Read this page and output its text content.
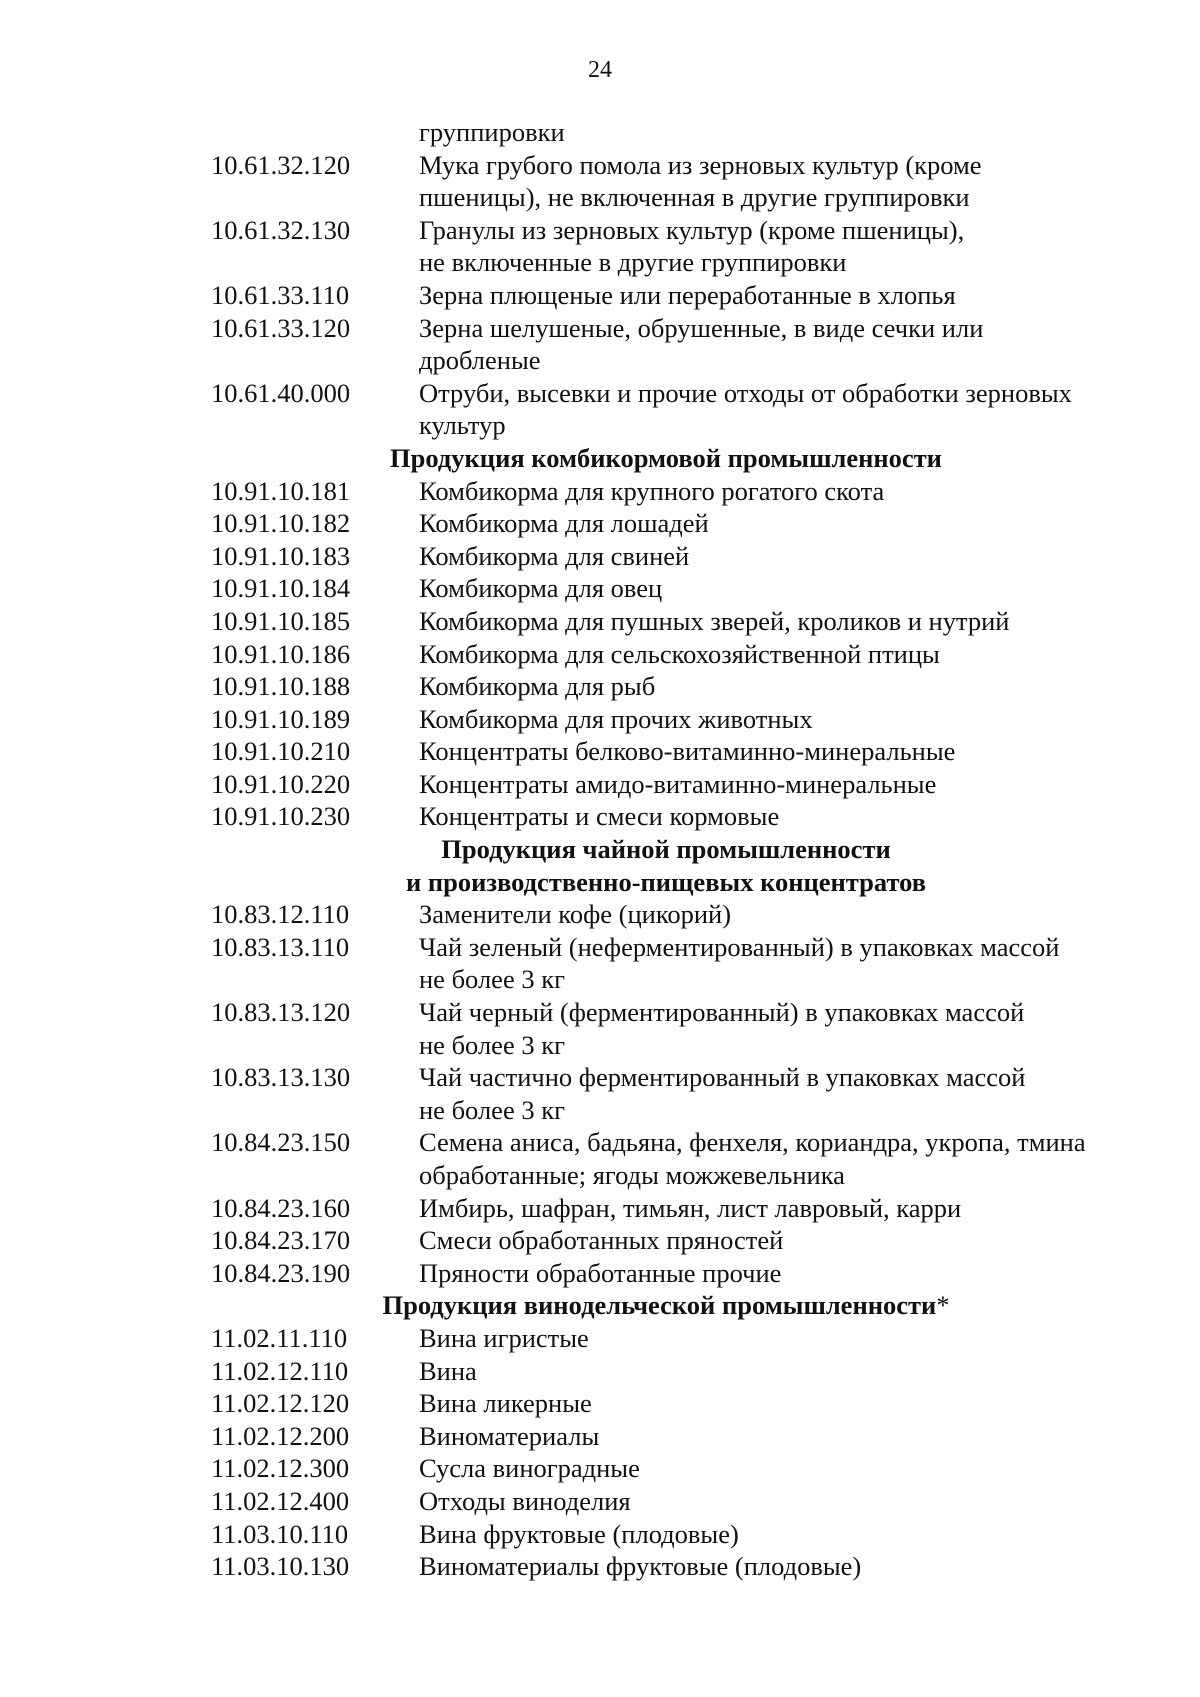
24
группировки
10.61.32.120	Мука грубого помола из зерновых культур (кроме
пшеницы), не включенная в другие группировки
10.61.32.130	Гранулы из зерновых культур (кроме пшеницы),
не включенные в другие группировки
10.61.33.110	Зерна плющеные или переработанные в хлопья
10.61.33.120	Зерна шелушеные, обрушенные, в виде сечки или
дробленые
10.61.40.000	Отруби, высевки и прочие отходы от обработки зерновых
культур
Продукция комбикормовой промышленности
10.91.10.181	Комбикорма для крупного рогатого скота
10.91.10.182	Комбикорма для лошадей
10.91.10.183	Комбикорма для свиней
10.91.10.184	Комбикорма для овец
10.91.10.185	Комбикорма для пушных зверей, кроликов и нутрий
10.91.10.186	Комбикорма для сельскохозяйственной птицы
10.91.10.188	Комбикорма для рыб
10.91.10.189	Комбикорма для прочих животных
10.91.10.210	Концентраты белково-витаминно-минеральные
10.91.10.220	Концентраты амидо-витаминно-минеральные
10.91.10.230	Концентраты и смеси кормовые
Продукция чайной промышленности
и производственно-пищевых концентратов
10.83.12.110	Заменители кофе (цикорий)
10.83.13.110	Чай зеленый (неферментированный) в упаковках массой
не более 3 кг
10.83.13.120	Чай черный (ферментированный) в упаковках массой
не более 3 кг
10.83.13.130	Чай частично ферментированный в упаковках массой
не более 3 кг
10.84.23.150	Семена аниса, бадьяна, фенхеля, кориандра, укропа, тмина
обработанные; ягоды можжевельника
10.84.23.160	Имбирь, шафран, тимьян, лист лавровый, карри
10.84.23.170	Смеси обработанных пряностей
10.84.23.190	Пряности обработанные прочие
Продукция винодельческой промышленности*
11.02.11.110	Вина игристые
11.02.12.110	Вина
11.02.12.120	Вина ликерные
11.02.12.200	Виноматериалы
11.02.12.300	Сусла виноградные
11.02.12.400	Отходы виноделия
11.03.10.110	Вина фруктовые (плодовые)
11.03.10.130	Виноматериалы фруктовые (плодовые)
